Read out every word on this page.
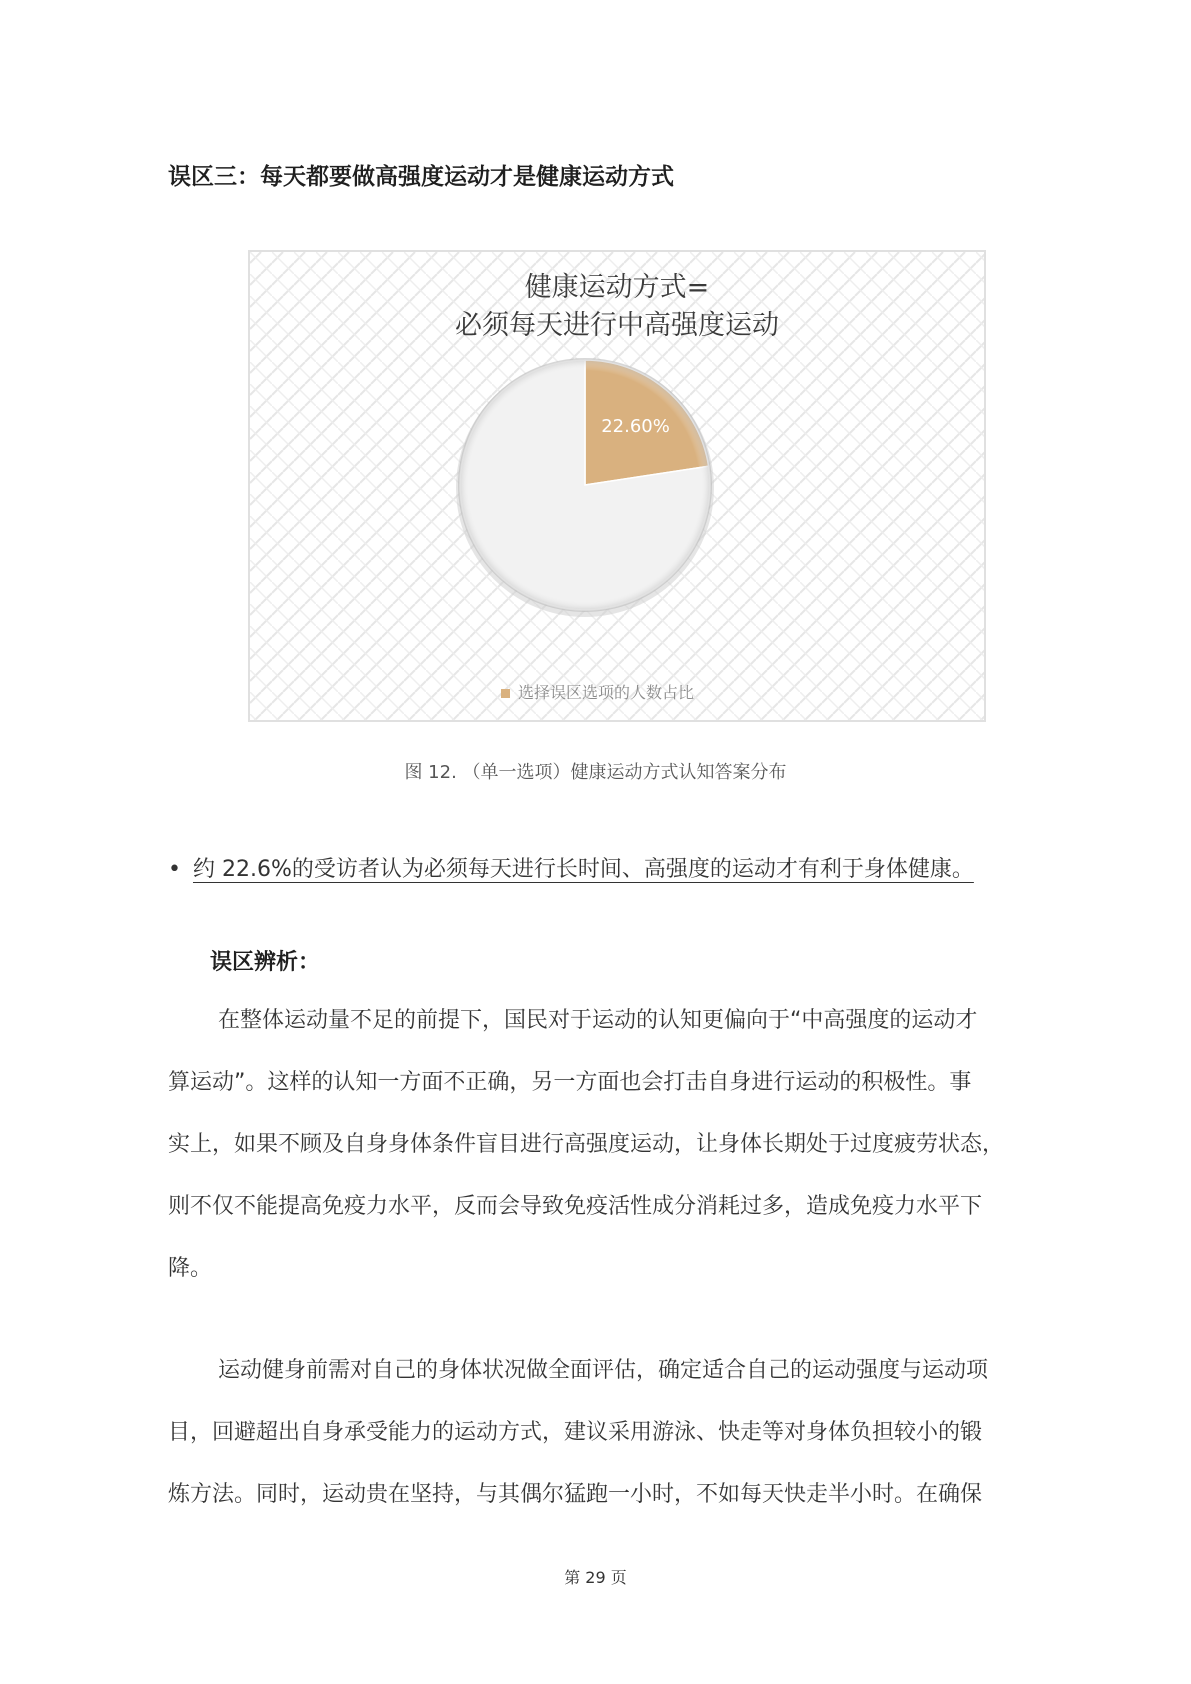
误区三：每天都要做高强度运动才是健康运动方式
健康运动方式=
必须每天进行中高强度运动
选择误区选项的人数占比
图 12. （单一选项）健康运动方式认知答案分布
• 约 22.6%的受访者认为必须每天进行长时间、高强度的运动才有利于身体健康。
误区辨析：
在整体运动量不足的前提下，国民对于运动的认知更偏向于“中高强度的运动才
算运动”。这样的认知一方面不正确，另一方面也会打击自身进行运动的积极性。事
实上，如果不顾及自身身体条件盲目进行高强度运动，让身体长期处于过度疲劳状态，
则不仅不能提高免疫力水平，反而会导致免疫活性成分消耗过多，造成免疫力水平下
降。
运动健身前需对自己的身体状况做全面评估，确定适合自己的运动强度与运动项
目，回避超出自身承受能力的运动方式，建议采用游泳、快走等对身体负担较小的锻
炼方法。同时，运动贵在坚持，与其偶尔猛跑一小时，不如每天快走半小时。在确保
第 29 页
